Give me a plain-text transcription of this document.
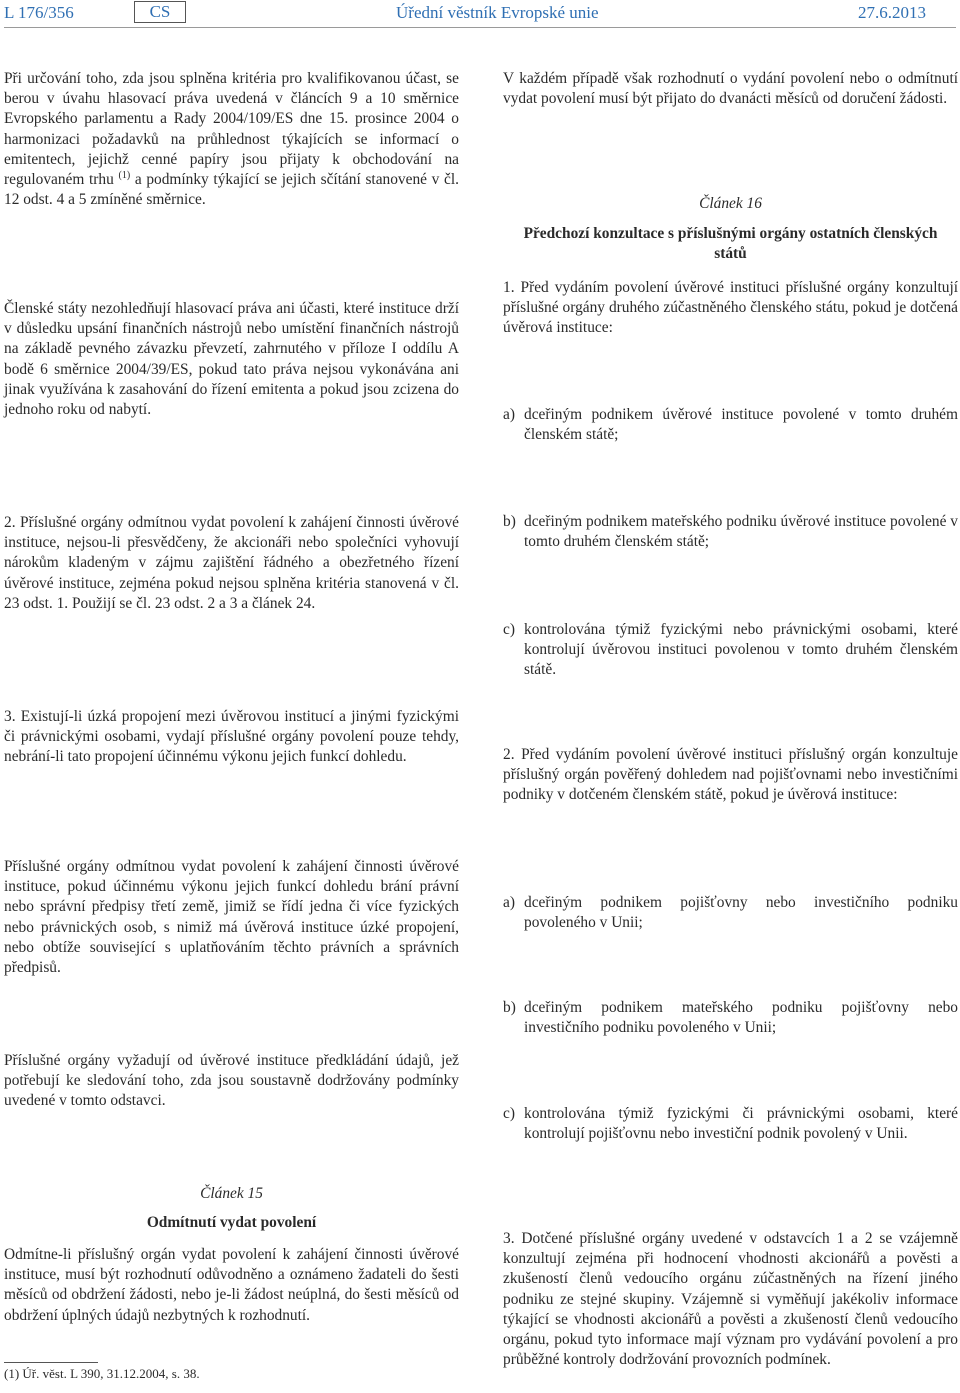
L 176/356	CS	Úřední věstník Evropské unie	27.6.2013

Při určování toho, zda jsou splněna kritéria pro kvalifikovanou účast, se berou v úvahu hlasovací práva uvedená v článcích 9 a 10 směrnice Evropského parlamentu a Rady 2004/109/ES dne 15. prosince 2004 o harmonizaci požadavků na průhlednost týkajících se informací o emitentech, jejichž cenné papíry jsou přijaty k obchodování na regulovaném trhu $^{(1)}$ a podmínky týkající se jejich sčítání stanovené v čl. 12 odst. 4 a 5 zmíněné směrnice.

Členské státy nezohledňují hlasovací práva ani účasti, které instituce drží v důsledku upsání finančních nástrojů nebo umístění finančních nástrojů na základě pevného závazku převzetí, zahrnutého v příloze I oddílu A bodě 6 směrnice 2004/39/ES, pokud tato práva nejsou vykonávána ani jinak využívána k zasahování do řízení emitenta a pokud jsou zcizena do jednoho roku od nabytí.

2. Příslušné orgány odmítnou vydat povolení k zahájení činnosti úvěrové instituce, nejsou-li přesvědčeny, že akcionáři nebo společníci vyhovují nárokům kladeným v zájmu zajištění řádného a obezřetného řízení úvěrové instituce, zejména pokud nejsou splněna kritéria stanovená v čl. 23 odst. 1. Použijí se čl. 23 odst. 2 a 3 a článek 24.

3. Existují-li úzká propojení mezi úvěrovou institucí a jinými fyzickými či právnickými osobami, vydají příslušné orgány povolení pouze tehdy, nebrání-li tato propojení účinnému výkonu jejich funkcí dohledu.

Příslušné orgány odmítnou vydat povolení k zahájení činnosti úvěrové instituce, pokud účinnému výkonu jejich funkcí dohledu brání právní nebo správní předpisy třetí země, jimiž se řídí jedna či více fyzických nebo právnických osob, s nimiž má úvěrová instituce úzké propojení, nebo obtíže související s uplatňováním těchto právních a správních předpisů.

Příslušné orgány vyžadují od úvěrové instituce předkládání údajů, jež potřebují ke sledování toho, zda jsou soustavně dodržovány podmínky uvedené v tomto odstavci.

Článek 15

Odmítnutí vydat povolení

Odmítne-li příslušný orgán vydat povolení k zahájení činnosti úvěrové instituce, musí být rozhodnutí odůvodněno a oznámeno žadateli do šesti měsíců od obdržení žádosti, nebo je-li žádost neúplná, do šesti měsíců od obdržení úplných údajů nezbytných k rozhodnutí.

(1) Úř. věst. L 390, 31.12.2004, s. 38.

V každém případě však rozhodnutí o vydání povolení nebo o odmítnutí vydat povolení musí být přijato do dvanácti měsíců od doručení žádosti.

Článek 16

Předchozí konzultace s příslušnými orgány ostatních členských států

1. Před vydáním povolení úvěrové instituci příslušné orgány konzultují příslušné orgány druhého zúčastněného členského státu, pokud je dotčená úvěrová instituce:

a) dceřiným podnikem úvěrové instituce povolené v tomto druhém členském státě;
b) dceřiným podnikem mateřského podniku úvěrové instituce povolené v tomto druhém členském státě;
c) kontrolována týmiž fyzickými nebo právnickými osobami, které kontrolují úvěrovou instituci povolenou v tomto druhém členském státě.

2. Před vydáním povolení úvěrové instituci příslušný orgán konzultuje příslušný orgán pověřený dohledem nad pojišťovnami nebo investičními podniky v dotčeném členském státě, pokud je úvěrová instituce:

a) dceřiným podnikem pojišťovny nebo investičního podniku povoleného v Unii;
b) dceřiným podnikem mateřského podniku pojišťovny nebo investičního podniku povoleného v Unii;
c) kontrolována týmiž fyzickými či právnickými osobami, které kontrolují pojišťovnu nebo investiční podnik povolený v Unii.

3. Dotčené příslušné orgány uvedené v odstavcích 1 a 2 se vzájemně konzultují zejména při hodnocení vhodnosti akcionářů a pověsti a zkušeností členů vedoucího orgánu zúčastněných na řízení jiného podniku ze stejné skupiny. Vzájemně si vyměňují jakékoliv informace týkající se vhodnosti akcionářů a pověsti a zkušeností členů vedoucího orgánu, pokud tyto informace mají význam pro vydávání povolení a pro průběžné kontroly dodržování provozních podmínek.
